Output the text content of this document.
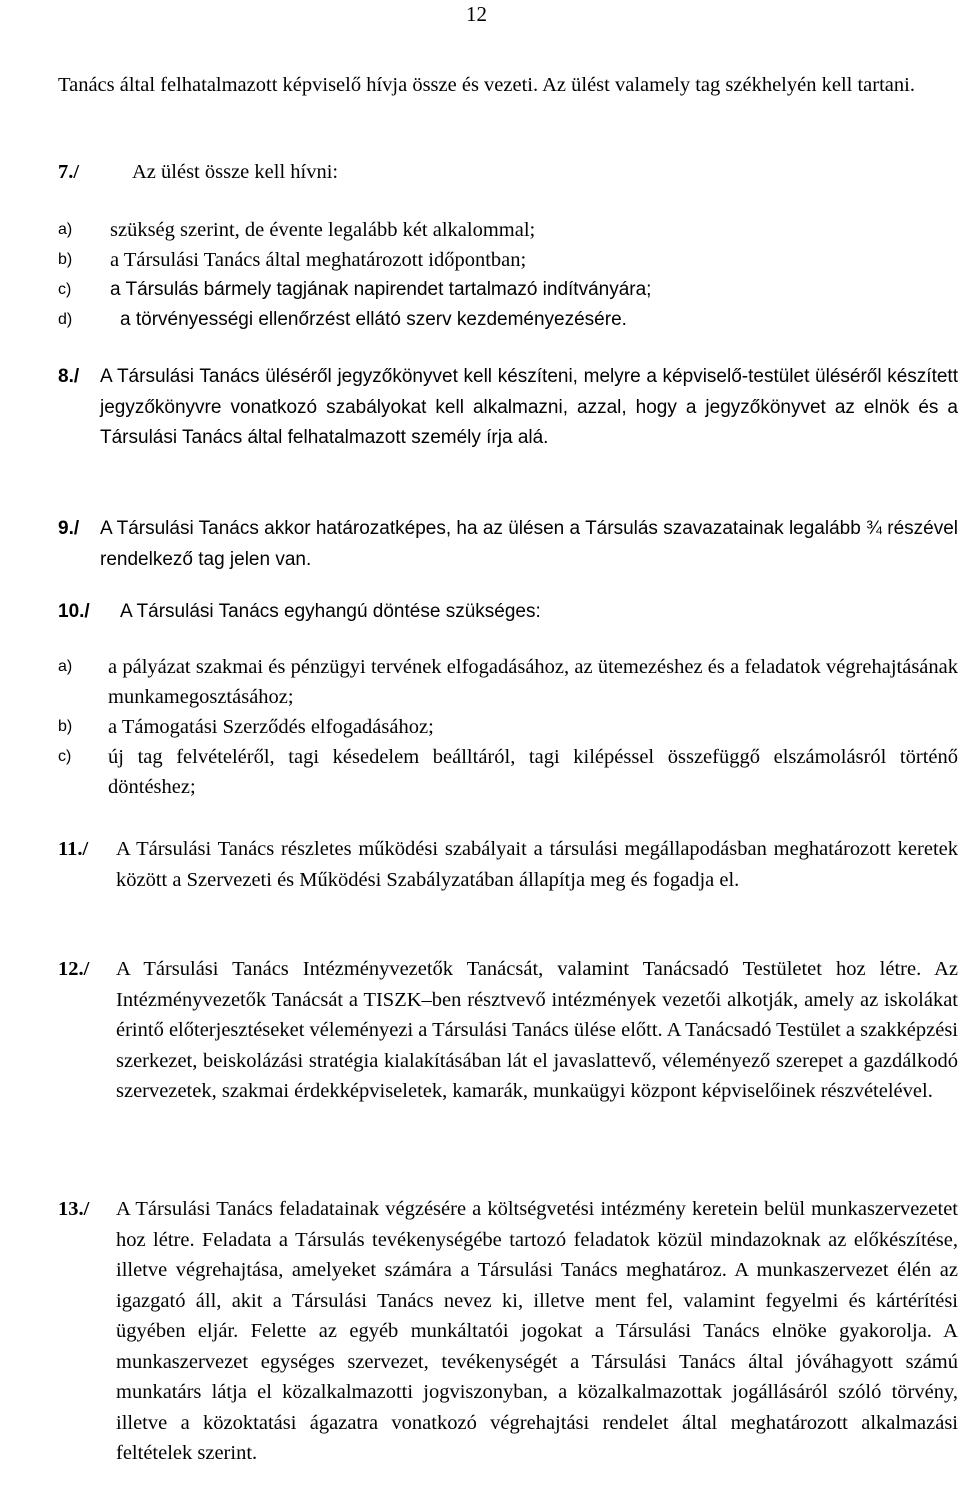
12
Tanács által felhatalmazott képviselő hívja össze és vezeti. Az ülést valamely tag székhelyén kell tartani.
7./	Az ülést össze kell hívni:
a)	szükség szerint, de évente legalább két alkalommal;
b)	a Társulási Tanács által meghatározott időpontban;
c)	a Társulás bármely tagjának napirendet tartalmazó indítványára;
d)	a törvényességi ellenőrzést ellátó szerv kezdeményezésére.
8./	A Társulási Tanács üléséről jegyzőkönyvet kell készíteni, melyre a képviselő-testület üléséről készített jegyzőkönyvre vonatkozó szabályokat kell alkalmazni, azzal, hogy a jegyzőkönyvet az elnök és a Társulási Tanács által felhatalmazott személy írja alá.
9./	A Társulási Tanács akkor határozatképes, ha az ülésen a Társulás szavazatainak legalább ¾ részével rendelkező tag jelen van.
10./	A Társulási Tanács egyhangú döntése szükséges:
a)	a pályázat szakmai és pénzügyi tervének elfogadásához, az ütemezéshez és a feladatok végrehajtásának munkamegosztásához;
b)	a Támogatási Szerződés elfogadásához;
c)	új tag felvételéről, tagi késedelem beálltáról, tagi kilépéssel összefüggő elszámolásról történő döntéshez;
11./	A Társulási Tanács részletes működési szabályait a társulási megállapodásban meghatározott keretek között a Szervezeti és Működési Szabályzatában állapítja meg és fogadja el.
12./	A Társulási Tanács Intézményvezetők Tanácsát, valamint Tanácsadó Testületet hoz létre. Az Intézményvezetők Tanácsát a TISZK–ben résztvevő intézmények vezetői alkotják, amely az iskolákat érintő előterjesztéseket véleményezi a Társulási Tanács ülése előtt. A Tanácsadó Testület a szakképzési szerkezet, beiskolázási stratégia kialakításában lát el javaslattevő, véleményező szerepet a gazdálkodó szervezetek, szakmai érdekképviseletek, kamarák, munkaügyi központ képviselőinek részvételével.
13./	A Társulási Tanács feladatainak végzésére a költségvetési intézmény keretein belül munkaszervezetet hoz létre. Feladata a Társulás tevékenységébe tartozó feladatok közül mindazoknak az előkészítése, illetve végrehajtása, amelyeket számára a Társulási Tanács meghatároz. A munkaszervezet élén az igazgató áll, akit a Társulási Tanács nevez ki, illetve ment fel, valamint fegyelmi és kártérítési ügyében eljár. Felette az egyéb munkáltatói jogokat a Társulási Tanács elnöke gyakorolja. A munkaszervezet egységes szervezet, tevékenységét a Társulási Tanács által jóváhagyott számú munkatárs látja el közalkalmazotti jogviszonyban, a közalkalmazottak jogállásáról szóló törvény, illetve a közoktatási ágazatra vonatkozó végrehajtási rendelet által meghatározott alkalmazási feltételek szerint.
